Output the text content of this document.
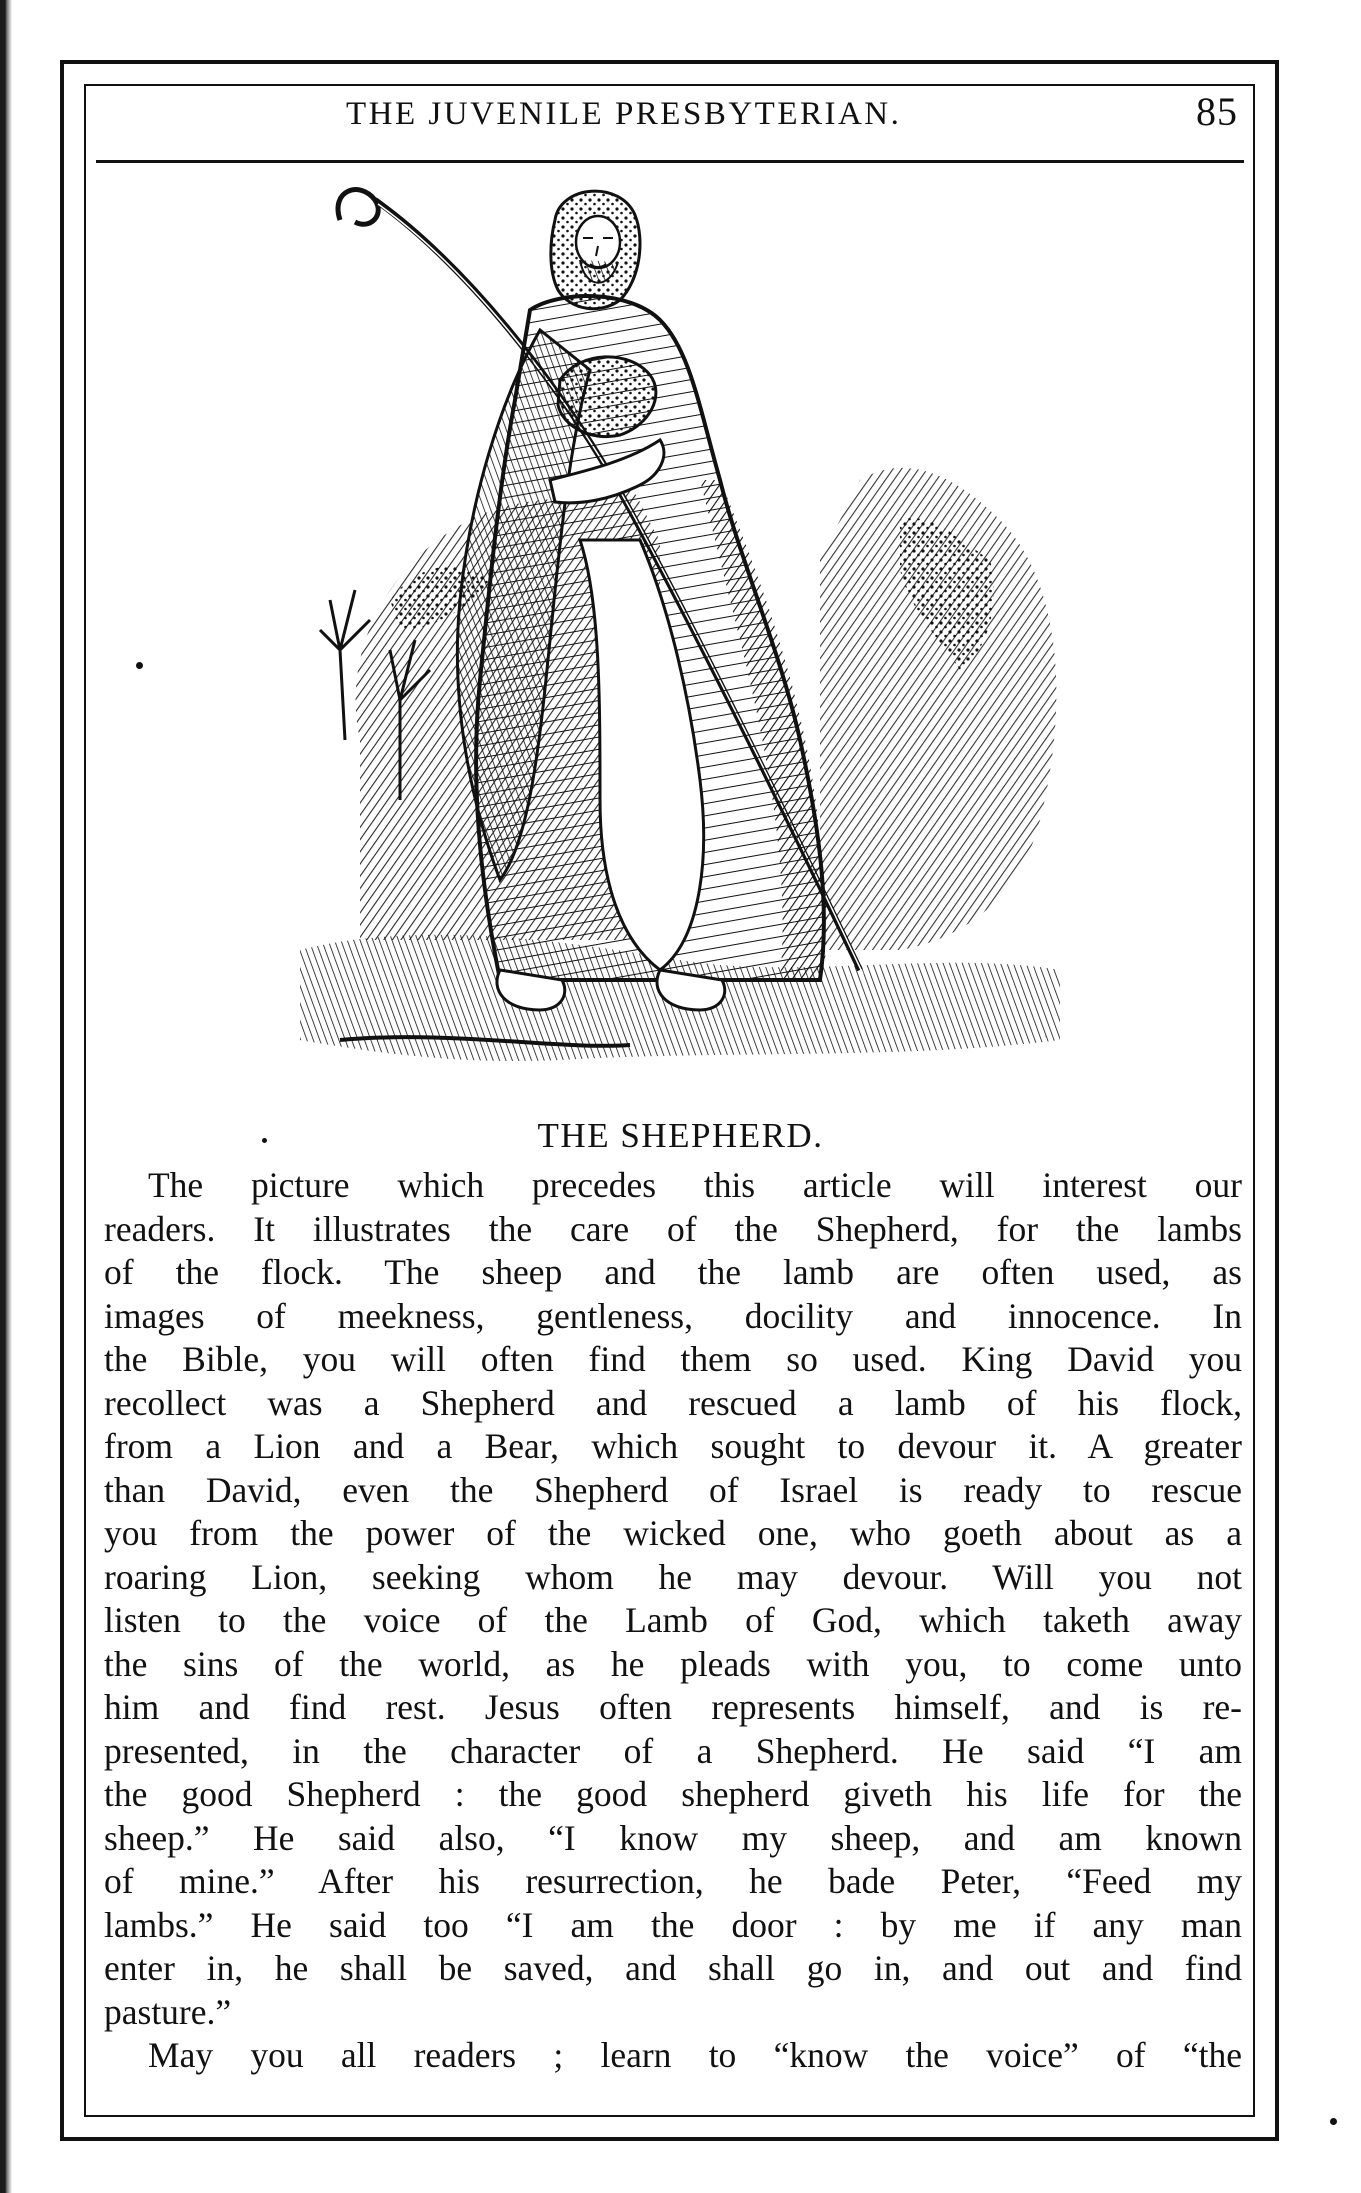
THE JUVENILE PRESBYTERIAN.	85
THE SHEPHERD.
The picture which precedes this article will interest our
readers. It illustrates the care of the Shepherd, for the lambs
of the flock. The sheep and the lamb are often used, as
images of meekness, gentleness, docility and innocence. In
the Bible, you will often find them so used. King David you
recollect was a Shepherd and rescued a lamb of his flock,
from a Lion and a Bear, which sought to devour it. A greater
than David, even the Shepherd of Israel is ready to rescue
you from the power of the wicked one, who goeth about as a
roaring Lion, seeking whom he may devour. Will you not
listen to the voice of the Lamb of God, which taketh away
the sins of the world, as he pleads with you, to come unto
him and find rest. Jesus often represents himself, and is re-
presented, in the character of a Shepherd. He said “I am
the good Shepherd : the good shepherd giveth his life for the
sheep.” He said also, “I know my sheep, and am known
of mine.” After his resurrection, he bade Peter, “Feed my
lambs.” He said too “I am the door : by me if any man
enter in, he shall be saved, and shall go in, and out and find
pasture.”
May you all readers ; learn to “know the voice” of “the
